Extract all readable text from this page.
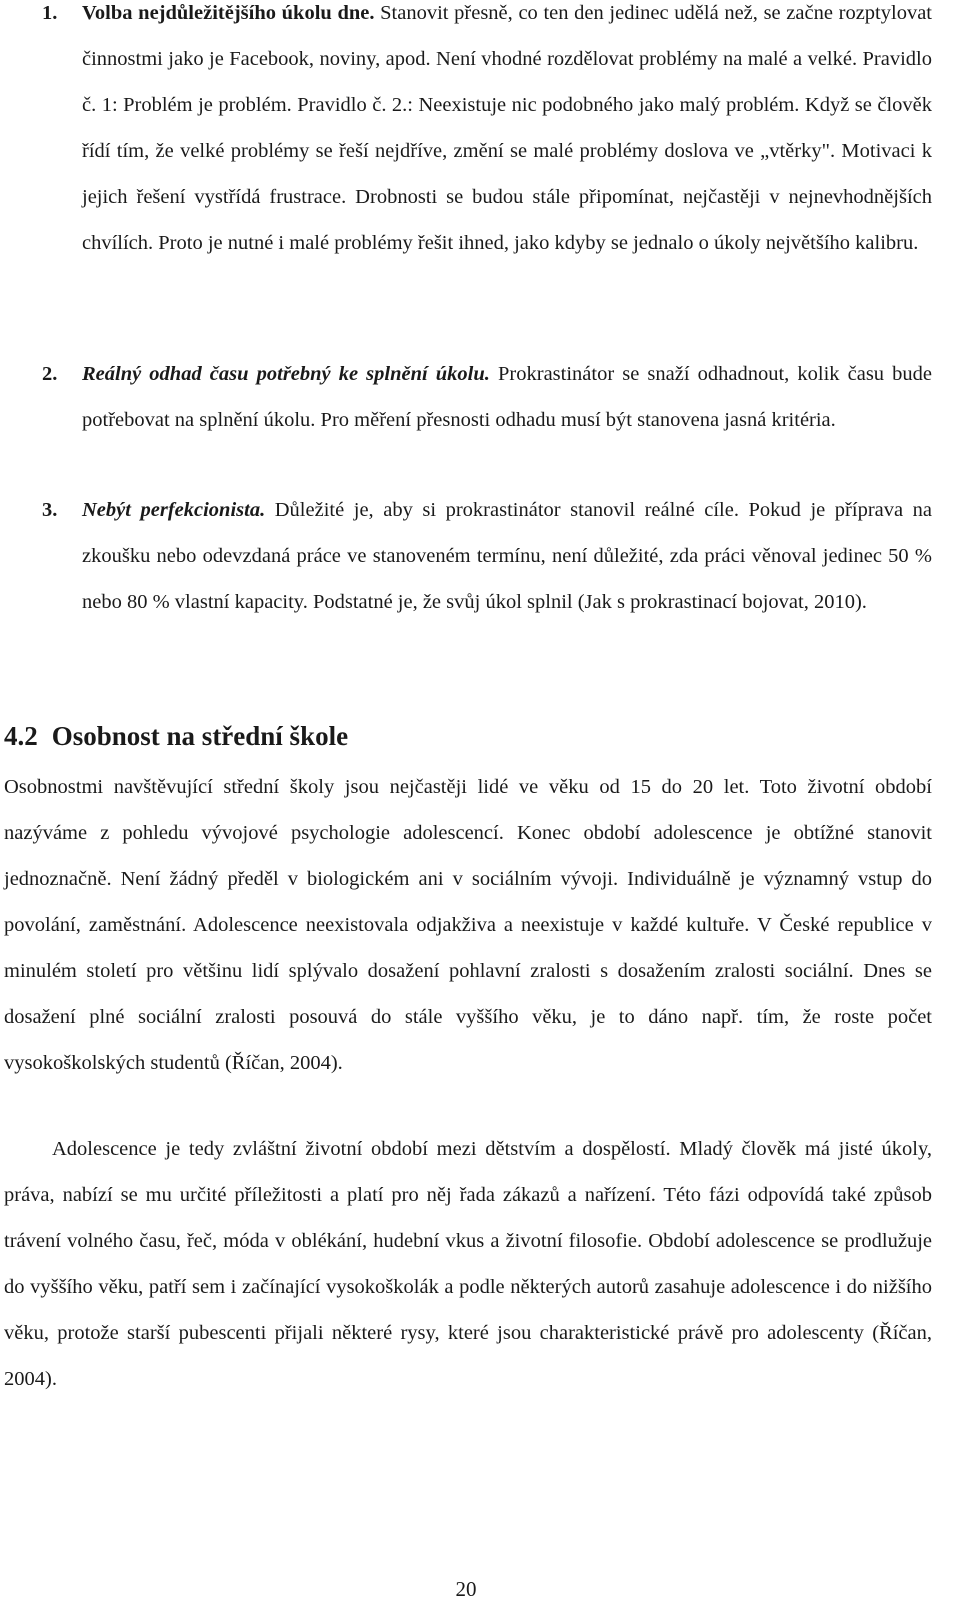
1. Volba nejdůležitějšího úkolu dne. Stanovit přesně, co ten den jedinec udělá než, se začne rozptylovat činnostmi jako je Facebook, noviny, apod. Není vhodné rozdělovat problémy na malé a velké. Pravidlo č. 1: Problém je problém. Pravidlo č. 2.: Neexistuje nic podobného jako malý problém. Když se člověk řídí tím, že velké problémy se řeší nejdříve, změní se malé problémy doslova ve „vtěrky". Motivaci k jejich řešení vystřídá frustrace. Drobnosti se budou stále připomínat, nejčastěji v nejnevhodnějších chvílích. Proto je nutné i malé problémy řešit ihned, jako kdyby se jednalo o úkoly největšího kalibru.
2. Reálný odhad času potřebný ke splnění úkolu. Prokrastinátor se snaží odhadnout, kolik času bude potřebovat na splnění úkolu. Pro měření přesnosti odhadu musí být stanovena jasná kritéria.
3. Nebýt perfekcionista. Důležité je, aby si prokrastinátor stanovil reálné cíle. Pokud je příprava na zkoušku nebo odevzdaná práce ve stanoveném termínu, není důležité, zda práci věnoval jedinec 50 % nebo 80 % vlastní kapacity. Podstatné je, že svůj úkol splnil (Jak s prokrastinací bojovat, 2010).
4.2 Osobnost na střední škole

Osobnostmi navštěvující střední školy jsou nejčastěji lidé ve věku od 15 do 20 let. Toto životní období nazýváme z pohledu vývojové psychologie adolescencí. Konec období adolescence je obtížné stanovit jednoznačně. Není žádný předěl v biologickém ani v sociálním vývoji. Individuálně je významný vstup do povolání, zaměstnání. Adolescence neexistovala odjakživa a neexistuje v každé kultuře. V České republice v minulém století pro většinu lidí splývalo dosažení pohlavní zralosti s dosažením zralosti sociální. Dnes se dosažení plné sociální zralosti posouvá do stále vyššího věku, je to dáno např. tím, že roste počet vysokoškolských studentů (Říčan, 2004).

Adolescence je tedy zvláštní životní období mezi dětstvím a dospělostí. Mladý člověk má jisté úkoly, práva, nabízí se mu určité příležitosti a platí pro něj řada zákazů a nařízení. Této fázi odpovídá také způsob trávení volného času, řeč, móda v oblékání, hudební vkus a životní filosofie. Období adolescence se prodlužuje do vyššího věku, patří sem i začínající vysokoškolák a podle některých autorů zasahuje adolescence i do nižšího věku, protože starší pubescenti přijali některé rysy, které jsou charakteristické právě pro adolescenty (Říčan, 2004).

20
